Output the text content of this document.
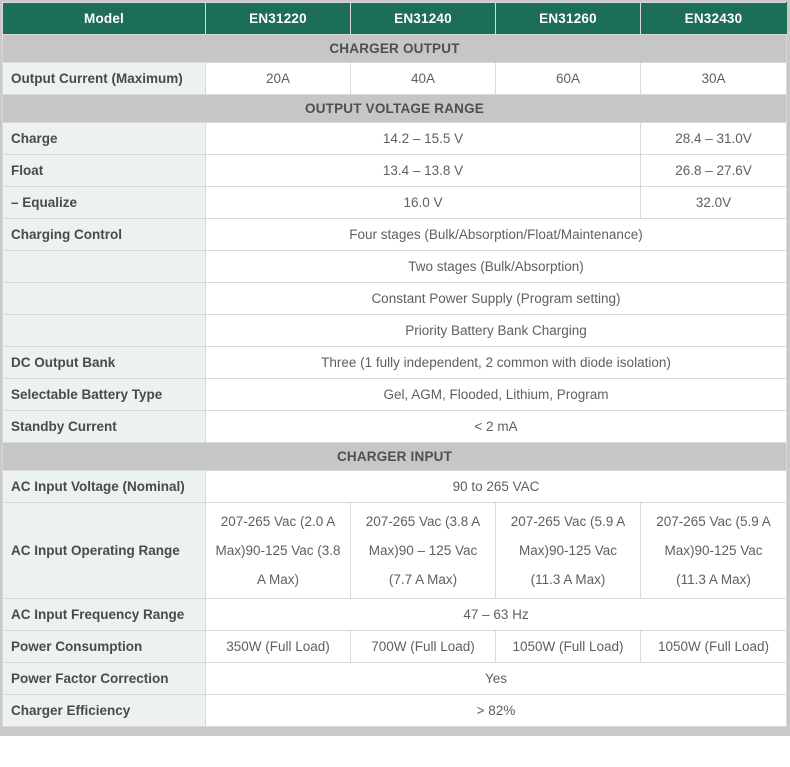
Model	EN31220	EN31240	EN31260	EN32430
CHARGER OUTPUT				
Output Current (Maximum)	20A	40A	60A	30A
OUTPUT VOLTAGE RANGE				
Charge	14.2 – 15.5 V			28.4 – 31.0V
Float	13.4 – 13.8 V			26.8 – 27.6V
– Equalize	16.0 V			32.0V
Charging Control	Four stages (Bulk/Absorption/Float/Maintenance)			
	Two stages (Bulk/Absorption)			
	Constant Power Supply (Program setting)			
	Priority Battery Bank Charging			
DC Output Bank	Three (1 fully independent, 2 common with diode isolation)			
Selectable Battery Type	Gel, AGM, Flooded, Lithium, Program			
Standby Current	< 2 mA			
CHARGER INPUT				
AC Input Voltage (Nominal)	90 to 265 VAC			
AC Input Operating Range	207-265 Vac (2.0 A Max)90-125 Vac (3.8 A Max)	207-265 Vac (3.8 A Max)90 – 125 Vac (7.7 A Max)	207-265 Vac (5.9 A Max)90-125 Vac (11.3 A Max)	207-265 Vac (5.9 A Max)90-125 Vac (11.3 A Max)
AC Input Frequency Range	47 – 63 Hz			
Power Consumption	350W (Full Load)	700W (Full Load)	1050W (Full Load)	1050W (Full Load)
Power Factor Correction	Yes			
Charger Efficiency	> 82%			
